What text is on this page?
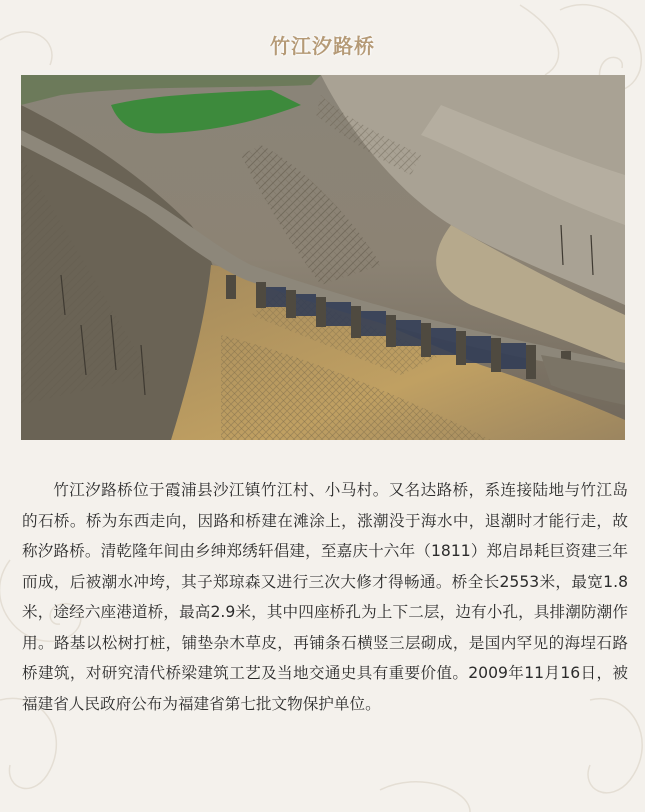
竹江汐路桥

竹江汐路桥位于霞浦县沙江镇竹江村、小马村。又名达路桥，系连接陆地与竹江岛的石桥。桥为东西走向，因路和桥建在滩涂上，涨潮没于海水中，退潮时才能行走，故称汐路桥。清乾隆年间由乡绅郑绣轩倡建，至嘉庆十六年（1811）郑启昂耗巨资建三年而成，后被潮水冲垮，其子郑琼森又进行三次大修才得畅通。桥全长2553米，最宽1.8米，途经六座港道桥，最高2.9米，其中四座桥孔为上下二层，边有小孔，具排潮防潮作用。路基以松树打桩，铺垫杂木草皮，再铺条石横竖三层砌成，是国内罕见的海埕石路桥建筑，对研究清代桥梁建筑工艺及当地交通史具有重要价值。2009年11月16日，被福建省人民政府公布为福建省第七批文物保护单位。
